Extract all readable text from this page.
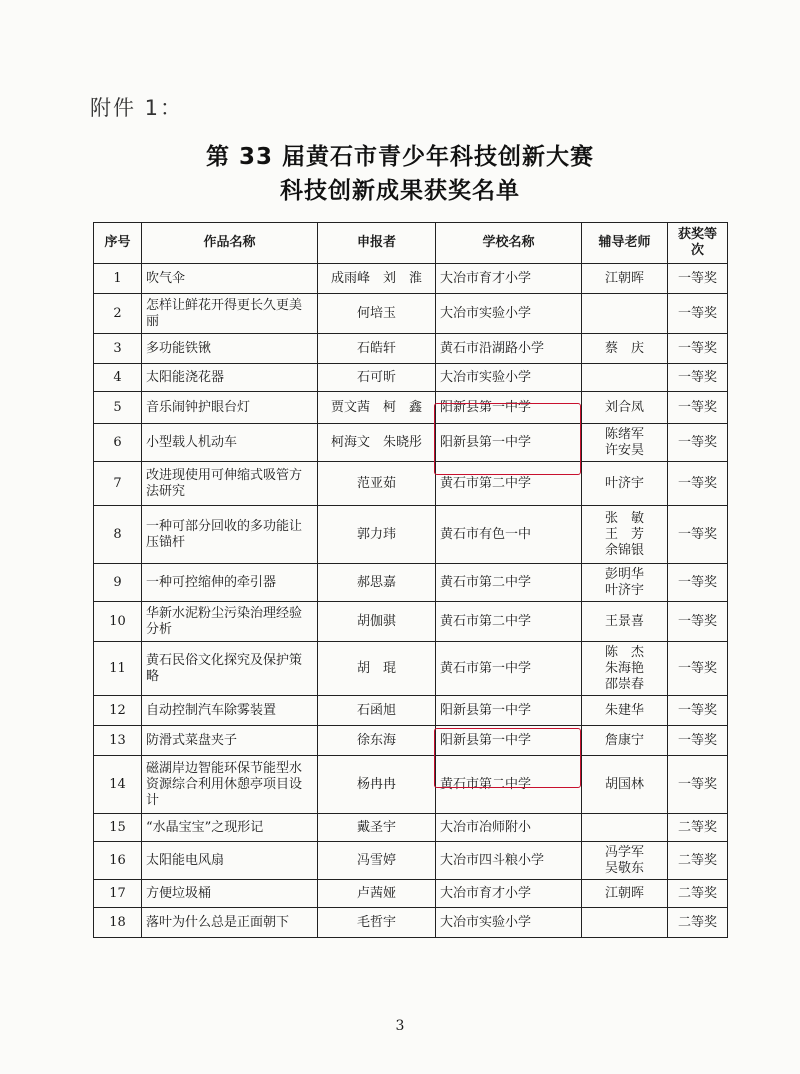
附件 1：
第 33 届黄石市青少年科技创新大赛
科技创新成果获奖名单
序号	作品名称	申报者	学校名称	辅导老师	获奖等次
1	吹气伞	成雨峰　刘　淮	大冶市育才小学	江朝晖	一等奖
2	怎样让鲜花开得更长久更美丽	何培玉	大冶市实验小学		一等奖
3	多功能铁锹	石皓轩	黄石市沿湖路小学	蔡　庆	一等奖
4	太阳能浇花器	石可昕	大冶市实验小学		一等奖
5	音乐闹钟护眼台灯	贾文茜　柯　鑫	阳新县第一中学	刘合凤	一等奖
6	小型载人机动车	柯海文　朱晓彤	阳新县第一中学	陈绪军
许安昊	一等奖
7	改进现使用可伸缩式吸管方法研究	范亚茹	黄石市第二中学	叶济宇	一等奖
8	一种可部分回收的多功能让压锚杆	郭力玮	黄石市有色一中	张　敏
王　芳
余锦银	一等奖
9	一种可控缩伸的牵引器	郝思嘉	黄石市第二中学	彭明华
叶济宇	一等奖
10	华新水泥粉尘污染治理经验分析	胡伽骐	黄石市第二中学	王景喜	一等奖
11	黄石民俗文化探究及保护策略	胡　琨	黄石市第一中学	陈　杰
朱海艳
邵崇春	一等奖
12	自动控制汽车除雾装置	石函旭	阳新县第一中学	朱建华	一等奖
13	防滑式菜盘夹子	徐东海	阳新县第一中学	詹康宁	一等奖
14	磁湖岸边智能环保节能型水资源综合利用休憩亭项目设计	杨冉冉	黄石市第二中学	胡国林	一等奖
15	“水晶宝宝”之现形记	戴圣宇	大冶市冶师附小		二等奖
16	太阳能电风扇	冯雪婷	大冶市四斗粮小学	冯学军
吴敬东	二等奖
17	方便垃圾桶	卢茜娅	大冶市育才小学	江朝晖	二等奖
18	落叶为什么总是正面朝下	毛哲宇	大冶市实验小学		二等奖
3
